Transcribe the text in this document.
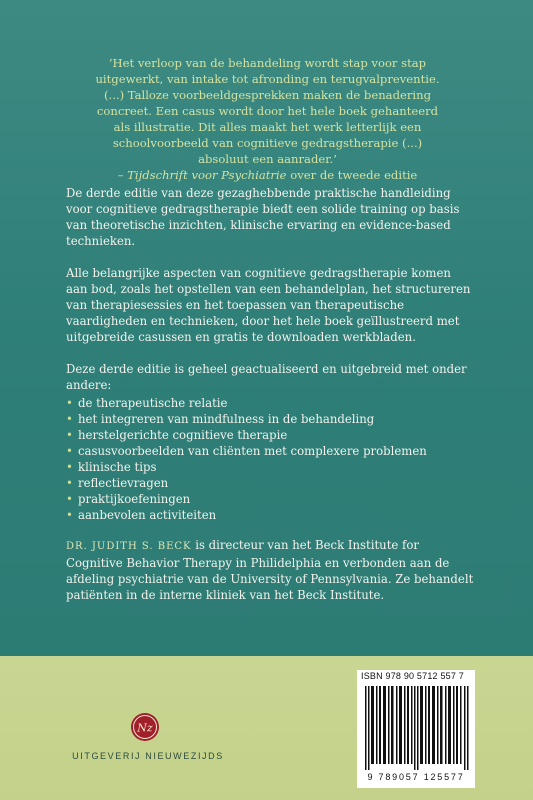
‘Het verloop van de behandeling wordt stap voor stap uitgewerkt, van intake tot afronding en terugvalpreventie. (...) Talloze voorbeeldgesprekken maken de benadering concreet. Een casus wordt door het hele boek gehanteerd als illustratie. Dit alles maakt het werk letterlijk een schoolvoorbeeld van cognitieve gedragstherapie (...) absoluut een aanrader.’

– Tijdschrift voor Psychiatrie over de tweede editie

De derde editie van deze gezaghebbende praktische handleiding voor cognitieve gedragstherapie biedt een solide training op basis van theoretische inzichten, klinische ervaring en evidence-based technieken.

Alle belangrijke aspecten van cognitieve gedragstherapie komen aan bod, zoals het opstellen van een behandelplan, het structureren van therapiesessies en het toepassen van therapeutische vaardigheden en technieken, door het hele boek geïllustreerd met uitgebreide casussen en gratis te downloaden werkbladen.

Deze derde editie is geheel geactualiseerd en uitgebreid met onder andere:

• de therapeutische relatie
• het integreren van mindfulness in de behandeling
• herstelgerichte cognitieve therapie
• casusvoorbeelden van cliënten met complexere problemen
• klinische tips
• reflectievragen
• praktijkoefeningen
• aanbevolen activiteiten
DR. JUDITH S. BECK is directeur van het Beck Institute for Cognitive Behavior Therapy in Philidelphia en verbonden aan de afdeling psychiatrie van de University of Pennsylvania. Ze behandelt patiënten in de interne kliniek van het Beck Institute.
ISBN 978 90 5712 557 7
9 789057 125577
Nz
UITGEVERIJ NIEUWEZIJDS
